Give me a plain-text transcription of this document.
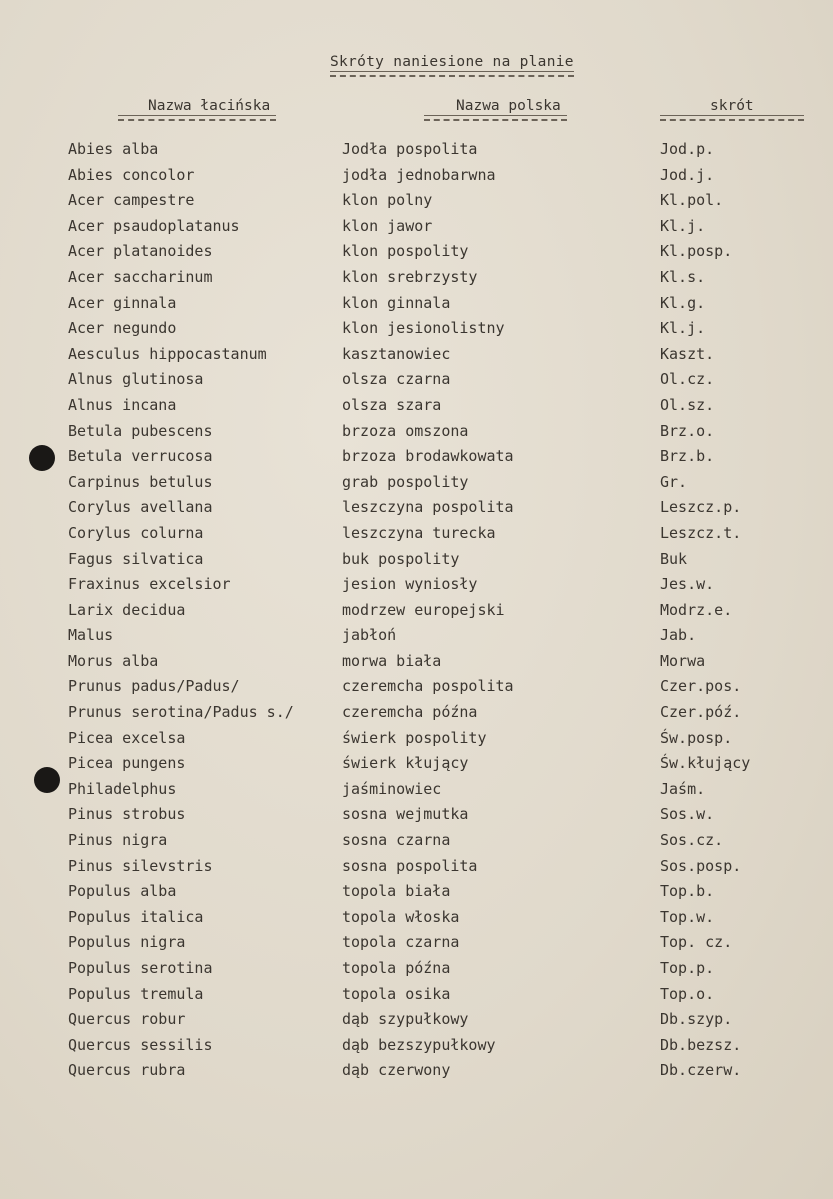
Skróty naniesione na planie
Nazwa łacińska	Nazwa polska	skrót
Abies alba	Jodła pospolita	Jod.p.
Abies concolor	jodła jednobarwna	Jod.j.
Acer campestre	klon polny	Kl.pol.
Acer psaudoplatanus	klon jawor	Kl.j.
Acer platanoides	klon pospolity	Kl.posp.
Acer saccharinum	klon srebrzysty	Kl.s.
Acer ginnala	klon ginnala	Kl.g.
Acer negundo	klon jesionolistny	Kl.j.
Aesculus hippocastanum	kasztanowiec	Kaszt.
Alnus glutinosa	olsza czarna	Ol.cz.
Alnus incana	olsza szara	Ol.sz.
Betula pubescens	brzoza omszona	Brz.o.
Betula verrucosa	brzoza brodawkowata	Brz.b.
Carpinus betulus	grab pospolity	Gr.
Corylus avellana	leszczyna pospolita	Leszcz.p.
Corylus colurna	leszczyna turecka	Leszcz.t.
Fagus silvatica	buk pospolity	Buk
Fraxinus excelsior	jesion wyniosły	Jes.w.
Larix decidua	modrzew europejski	Modrz.e.
Malus	jabłoń	Jab.
Morus alba	morwa biała	Morwa
Prunus padus/Padus/	czeremcha pospolita	Czer.pos.
Prunus serotina/Padus s./	czeremcha późna	Czer.póź.
Picea excelsa	świerk pospolity	Św.posp.
Picea pungens	świerk kłujący	Św.kłujący
Philadelphus	jaśminowiec	Jaśm.
Pinus strobus	sosna wejmutka	Sos.w.
Pinus nigra	sosna czarna	Sos.cz.
Pinus silevstris	sosna pospolita	Sos.posp.
Populus alba	topola biała	Top.b.
Populus italica	topola włoska	Top.w.
Populus nigra	topola czarna	Top. cz.
Populus serotina	topola późna	Top.p.
Populus tremula	topola osika	Top.o.
Quercus robur	dąb szypułkowy	Db.szyp.
Quercus sessilis	dąb bezszypułkowy	Db.bezsz.
Quercus rubra	dąb czerwony	Db.czerw.
